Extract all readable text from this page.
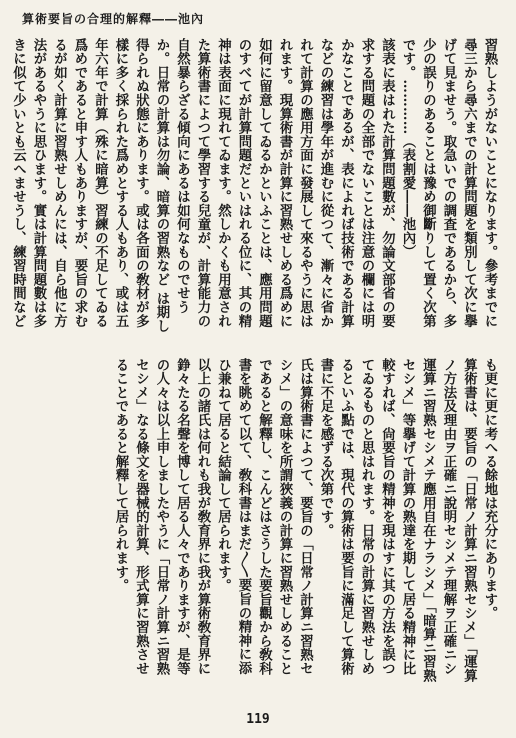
算術要旨の合理的解釋――池內

習熟しようがないことになります。參考までに尋三から尋六までの計算問題を類別して次に擧げて見ませう。取急いでの調査であるから、多少の誤りのあることは豫め御斷りして置く次第です。…………（表割愛――池內）

該表に表はれた計算問題數が、勿論文部省の要求する問題の全部でないことは注意の欄には明かなことであるが、表によれば技術である計算などの練習は學年が進むに從つて、漸々に省かれて計算の應用方面に發展して來るやうに思はれます。現算術書が計算に習熟せしめる爲めに如何に留意してゐるかといふことは、應用問題のすべてが計算問題だといはれる位に、其の精神は表面に現れてゐます。然しかくも用意された算術書によつて學習する兒童が、計算能力の自然暴らざる傾向にあるは如何なものでせうか。日常の計算は勿論、暗算の習熟など は期し得られぬ狀態にあります。或は各面の敎材が多樣に多く採られた爲めとする人もあり、或は五年六年で計算（殊に暗算）習練の不足してゐる爲めであると申す人もありますが、要旨の求むるが如く計算に習熟せしめんには、自ら他に方法があるやうに思ひます。實は計算問題數は多きに似て少いとも云へませうし、練習時間など

も更に更に考へる餘地は充分にあります。

算術書は、要旨の「日常ノ計算ニ習熟セシメ」「運算ノ方法及理由ヲ正確ニ說明セシメテ理解ヲ正確ニシ運算ニ習熟セシメテ應用自在ナラシメ」「暗算ニ習熟セシメ」等擧げて計算の熟達を期して居る精神に比較すれば、尙要旨の精神を現はすに其の方法を誤つてゐるものと思はれます。日常の計算に習熟せしめるといふ點では、現代の算術は要旨に滿足して算術書に不足を感ずる次第です。

氏は算術書によつて、要旨の「日常ノ計算ニ習熟セシメ」の意味を所謂狹義の計算に習熟せしめることであると解釋し、こんどはさうした要旨觀から敎科書を眺めて以て、敎科書はまだ〳〵要旨の精神に添ひ兼ねて居ると結論して居られます。

以上の諸氏は何れも我が敎育界に我が算術敎育界に錚々たる名聲を博して居る人々でありますが、是等の人々は以上申しましたやうに「日常ノ計算ニ習熟セシメ」なる條文を器械的計算、形式算に習熟させることであると解釋して居られます。

119
